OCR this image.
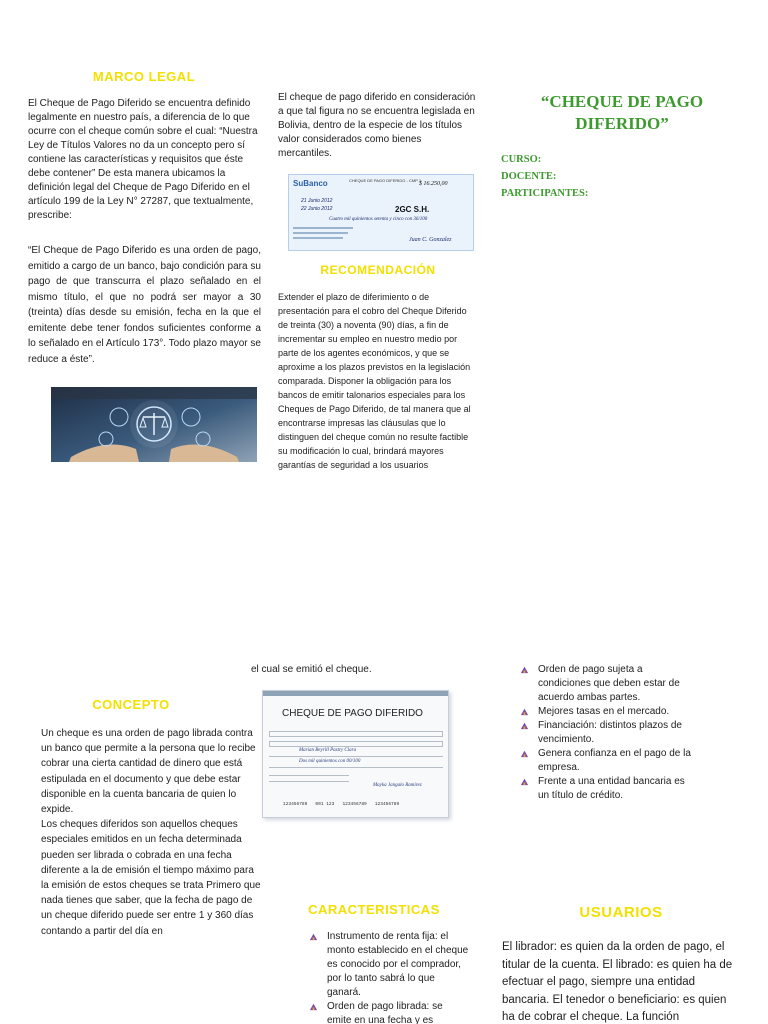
MARCO LEGAL
El Cheque de Pago Diferido se encuentra definido legalmente en nuestro país, a diferencia de lo que ocurre con el cheque común sobre el cual: “Nuestra Ley de Títulos Valores no da un concepto pero sí contiene las características y requisitos que éste debe contener” De esta manera ubicamos la definición legal del Cheque de Pago Diferido en el artículo 199 de la Ley N° 27287, que textualmente, prescribe:
“El Cheque de Pago Diferido es una orden de pago, emitido a cargo de un banco, bajo condición para su pago de que transcurra el plazo señalado en el mismo título, el que no podrá ser mayor a 30 (treinta) días desde su emisión, fecha en la que el emitente debe tener fondos suficientes conforme a lo señalado en el Artículo 173°. Todo plazo mayor se reduce a éste”.
El cheque de pago diferido en consideración a que tal figura no se encuentra legislada en Bolivia, dentro de la especie de los títulos valor considerados como bienes mercantiles.
SuBanco	CHEQUE DE PAGO DIFERIDO - CMP 1
$ 16.250,00
21 Junio 2012
22 Junio 2012	2GC S.H.
Cuatro mil quinientos setenta y cinco con 36/100
Juan C. Gonzalez
RECOMENDACIÓN
Extender el plazo de diferimiento o de presentación para el cobro del Cheque Diferido de treinta (30) a noventa (90) días, a fin de incrementar su empleo en nuestro medio por parte de los agentes económicos, y que se aproxime a los plazos previstos en la legislación comparada. Disponer la obligación para los bancos de emitir talonarios especiales para los Cheques de Pago Diferido, de tal manera que al encontrarse impresas las cláusulas que lo distinguen del cheque común no resulte factible su modificación lo cual, brindará mayores garantías de seguridad a los usuarios
“CHEQUE DE PAGO DIFERIDO”
CURSO:
DOCENTE:
PARTICIPANTES:
el cual se emitió el cheque.
CONCEPTO
Un cheque es una orden de pago librada contra un banco que permite a la persona que lo recibe cobrar una cierta cantidad de dinero que está estipulada en el documento y que debe estar disponible en la cuenta bancaria de quien lo expide.
Los cheques diferidos son aquellos cheques especiales emitidos en un fecha determinada pueden ser librada o cobrada en una fecha diferente a la de emisión el tiempo máximo para la emisión de estos cheques se trata Primero que nada tienes que saber, que la fecha de pago de un cheque diferido puede ser entre 1 y 360 días contando a partir del día en
CHEQUE DE PAGO DIFERIDO
Marian Beyrill Pastry Clara
Dos mil quinientos con 00/100
Mayka Jangalo Ramirez
123456789 001 123 123456789 123456789
Orden de pago sujeta a condiciones que deben estar de acuerdo ambas partes.
Mejores tasas en el mercado.
Financiación: distintos plazos de vencimiento.
Genera confianza en el pago de la empresa.
Frente a una entidad bancaria es un título de crédito.
CARACTERISTICAS
Instrumento de renta fija: el monto establecido en el cheque es conocido por el comprador, por lo tanto sabrá lo que ganará.
Orden de pago librada: se emite en una fecha y es
USUARIOS
El librador: es quien da la orden de pago, el titular de la cuenta. El librado: es quien ha de efectuar el pago, siempre una entidad bancaria. El tenedor o beneficiario: es quien ha de cobrar el cheque. La función
